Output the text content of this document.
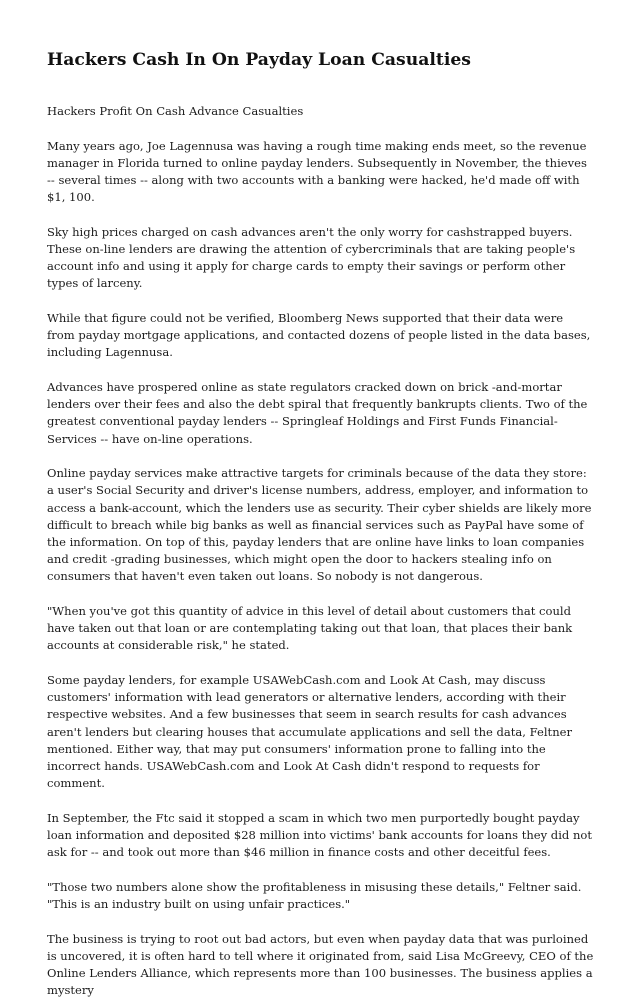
Hackers Cash In On Payday Loan Casualties

Hackers Profit On Cash Advance Casualties

Many years ago, Joe Lagennusa was having a rough time making ends meet, so the revenue manager in Florida turned to online payday lenders. Subsequently in November, the thieves -- several times -- along with two accounts with a banking were hacked, he'd made off with $1, 100.

Sky high prices charged on cash advances aren't the only worry for cashstrapped buyers. These on-line lenders are drawing the attention of cybercriminals that are taking people's account info and using it apply for charge cards to empty their savings or perform other types of larceny.

While that figure could not be verified, Bloomberg News supported that their data were from payday mortgage applications, and contacted dozens of people listed in the data bases, including Lagennusa.

Advances have prospered online as state regulators cracked down on brick -and-mortar lenders over their fees and also the debt spiral that frequently bankrupts clients. Two of the greatest conventional payday lenders -- Springleaf Holdings and First Funds Financial-Services -- have on-line operations.

Online payday services make attractive targets for criminals because of the data they store: a user's Social Security and driver's license numbers, address, employer, and information to access a bank-account, which the lenders use as security. Their cyber shields are likely more difficult to breach while big banks as well as financial services such as PayPal have some of the information. On top of this, payday lenders that are online have links to loan companies and credit -grading businesses, which might open the door to hackers stealing info on consumers that haven't even taken out loans. So nobody is not dangerous.

"When you've got this quantity of advice in this level of detail about customers that could have taken out that loan or are contemplating taking out that loan, that places their bank accounts at considerable risk," he stated.

Some payday lenders, for example USAWebCash.com and Look At Cash, may discuss customers' information with lead generators or alternative lenders, according with their respective websites. And a few businesses that seem in search results for cash advances aren't lenders but clearing houses that accumulate applications and sell the data, Feltner mentioned. Either way, that may put consumers' information prone to falling into the incorrect hands. USAWebCash.com and Look At Cash didn't respond to requests for comment.

In September, the Ftc said it stopped a scam in which two men purportedly bought payday loan information and deposited $28 million into victims' bank accounts for loans they did not ask for -- and took out more than $46 million in finance costs and other deceitful fees.

"Those two numbers alone show the profitableness in misusing these details," Feltner said. "This is an industry built on using unfair practices."

The business is trying to root out bad actors, but even when payday data that was purloined is uncovered, it is often hard to tell where it originated from, said Lisa McGreevy, CEO of the Online Lenders Alliance, which represents more than 100 businesses. The business applies a mystery
